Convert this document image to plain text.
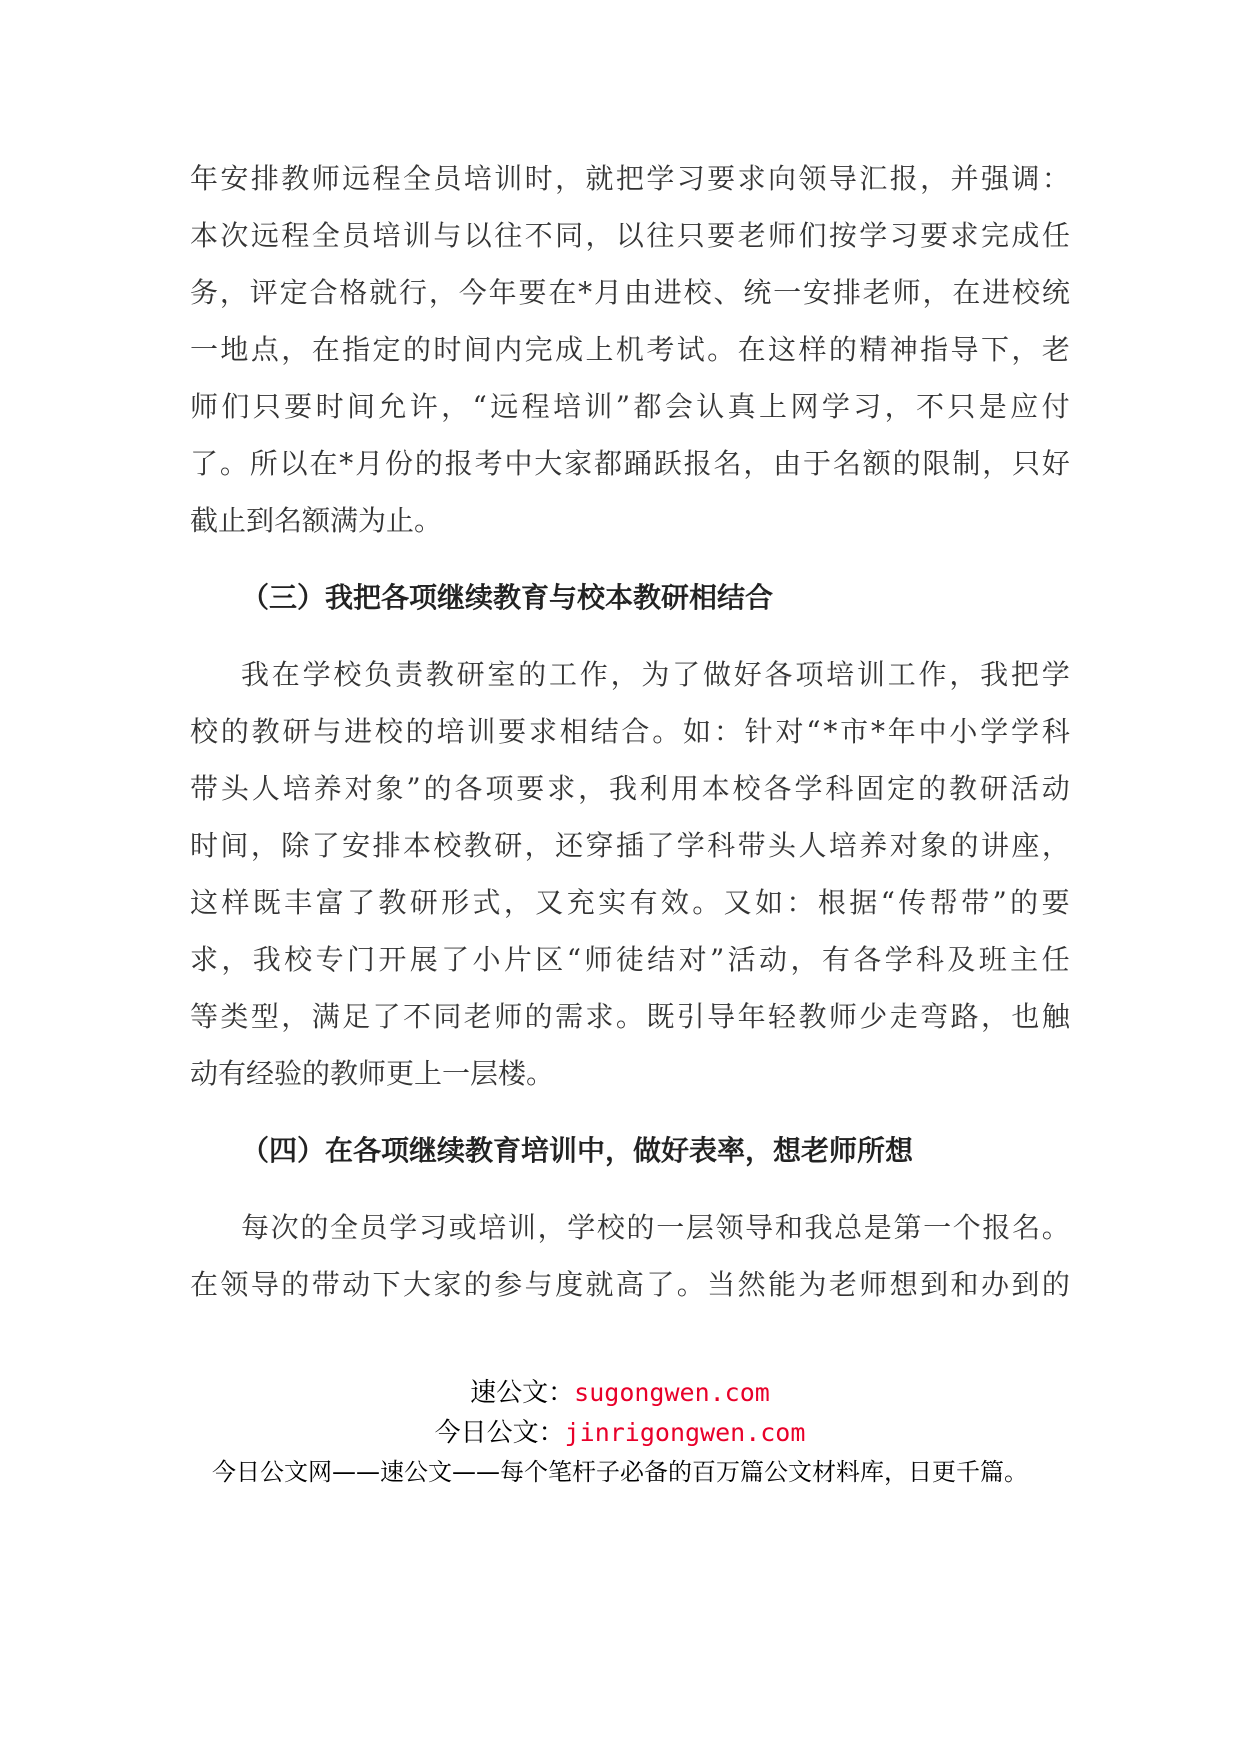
年 安 排 教 师 远 程 全 员 培 训 时 ， 就 把 学 习 要 求 向 领 导 汇 报 ， 并 强 调 ：
本 次 远 程 全 员 培 训 与 以 往 不 同 ， 以 往 只 要 老 师 们 按 学 习 要 求 完 成 任
务 ， 评 定 合 格 就 行 ， 今 年 要 在 * 月 由 进 校 、 统 一 安 排 老 师 ， 在 进 校 统
一 地 点 ， 在 指 定 的 时 间 内 完 成 上 机 考 试 。 在 这 样 的 精 神 指 导 下 ， 老
师 们 只 要 时 间 允 许 ， “ 远 程 培 训 ” 都 会 认 真 上 网 学 习 ， 不 只 是 应 付
了 。 所 以 在 * 月 份 的 报 考 中 大 家 都 踊 跃 报 名 ， 由 于 名 额 的 限 制 ， 只 好
截止到名额满为止。
（三）我把各项继续教育与校本教研相结合
我 在 学 校 负 责 教 研 室 的 工 作 ， 为 了 做 好 各 项 培 训 工 作 ， 我 把 学
校 的 教 研 与 进 校 的 培 训 要 求 相 结 合 。 如 ： 针 对 “ * 市 * 年 中 小 学 学 科
带 头 人 培 养 对 象 ” 的 各 项 要 求 ， 我 利 用 本 校 各 学 科 固 定 的 教 研 活 动
时 间 ， 除 了 安 排 本 校 教 研 ， 还 穿 插 了 学 科 带 头 人 培 养 对 象 的 讲 座 ，
这 样 既 丰 富 了 教 研 形 式 ， 又 充 实 有 效 。 又 如 ： 根 据 “ 传 帮 带 ” 的 要
求 ， 我 校 专 门 开 展 了 小 片 区 “ 师 徒 结 对 ” 活 动 ， 有 各 学 科 及 班 主 任
等 类 型 ， 满 足 了 不 同 老 师 的 需 求 。 既 引 导 年 轻 教 师 少 走 弯 路 ， 也 触
动有经验的教师更上一层楼。
（四）在各项继续教育培训中，做好表率，想老师所想
每 次 的 全 员 学 习 或 培 训 ， 学 校 的 一 层 领 导 和 我 总 是 第 一 个 报 名 。
在 领 导 的 带 动 下 大 家 的 参 与 度 就 高 了 。 当 然 能 为 老 师 想 到 和 办 到 的
速公文：sugongwen.com
今日公文：jinrigongwen.com
今日公文网——速公文——每个笔杆子必备的百万篇公文材料库，日更千篇。
